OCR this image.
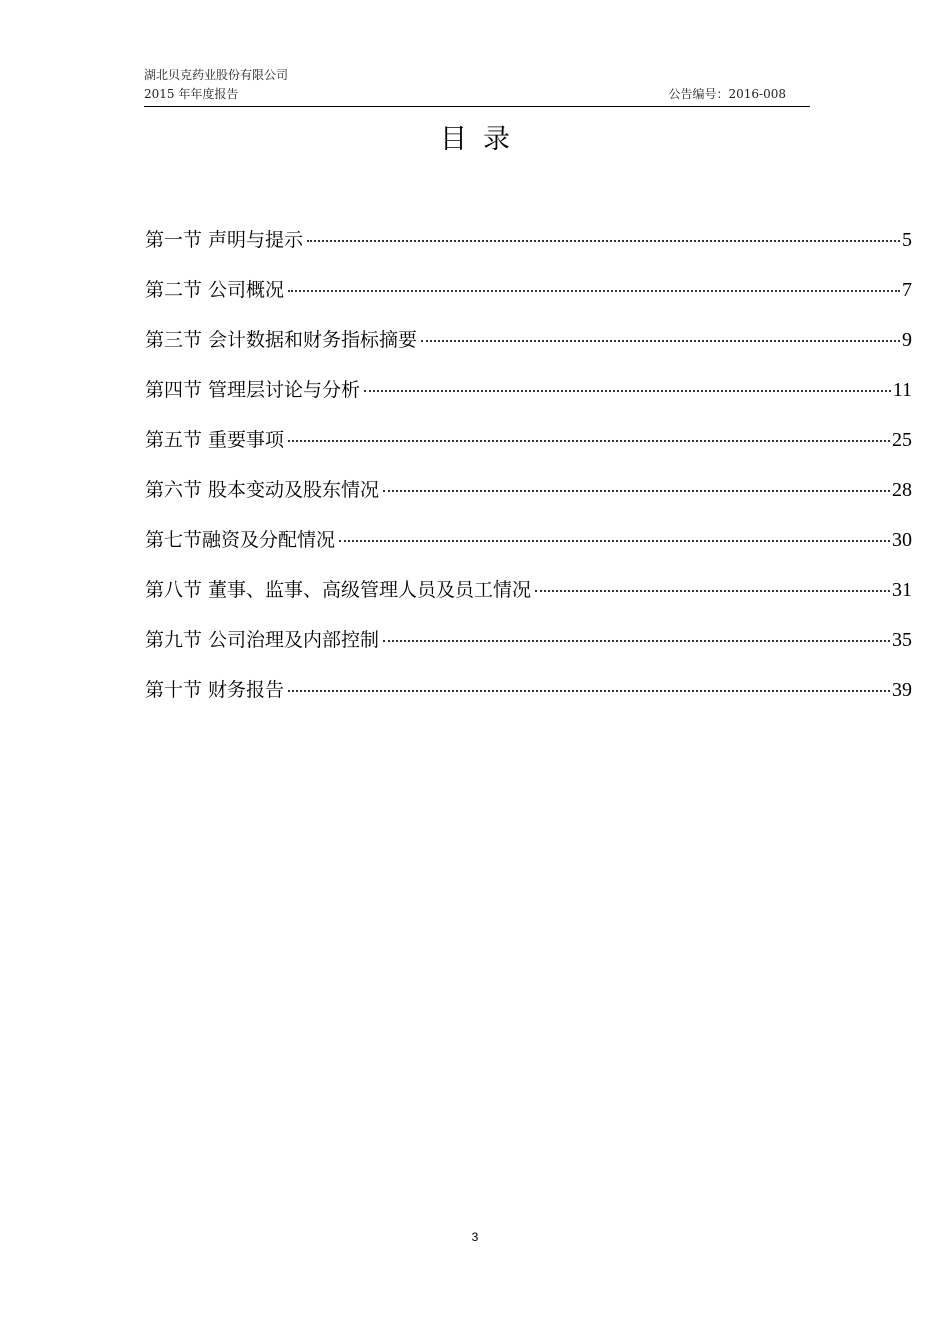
湖北贝克药业股份有限公司
2015 年年度报告	公告编号：2016-008
目录
第一节 声明与提示	5
第二节 公司概况	7
第三节 会计数据和财务指标摘要	9
第四节 管理层讨论与分析	11
第五节 重要事项	25
第六节 股本变动及股东情况	28
第七节融资及分配情况	30
第八节 董事、监事、高级管理人员及员工情况	31
第九节 公司治理及内部控制	35
第十节 财务报告	39
3
